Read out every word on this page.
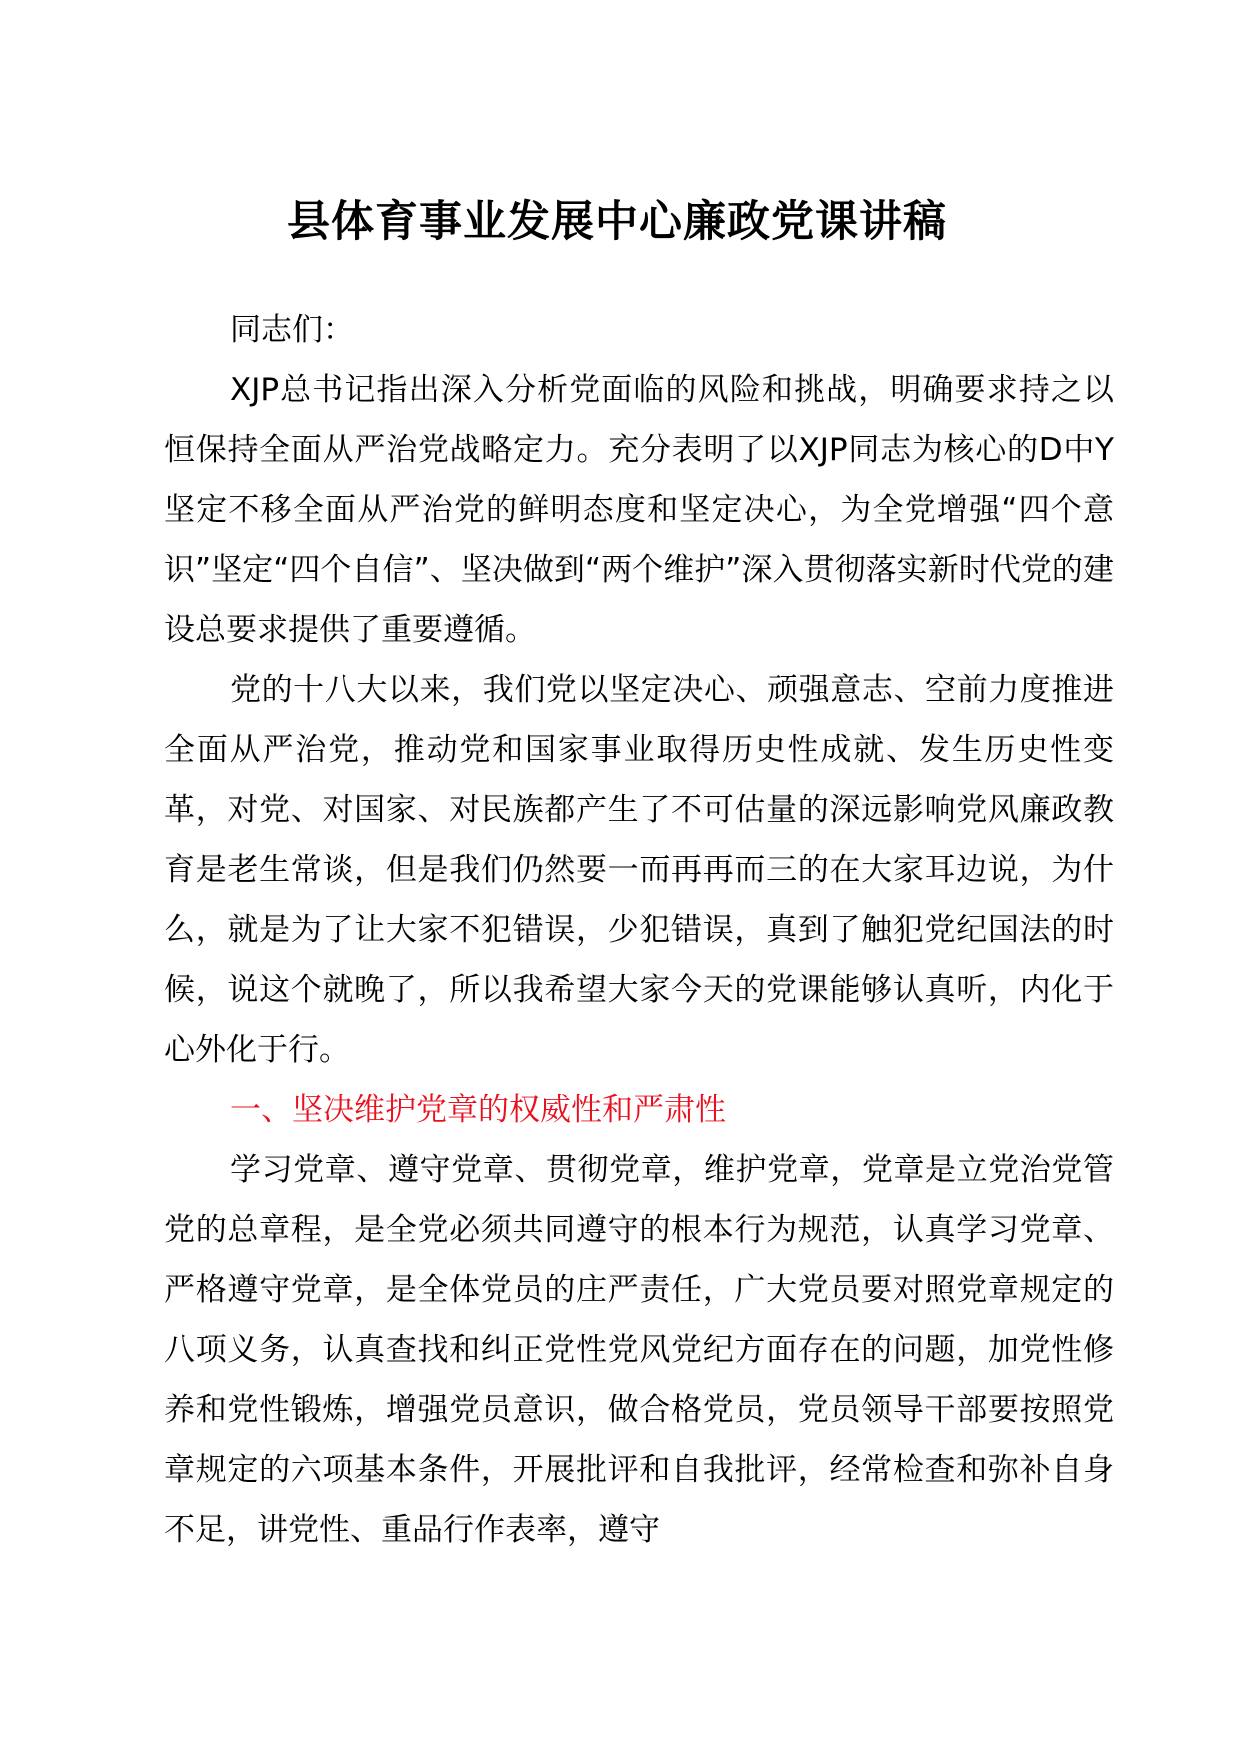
县体育事业发展中心廉政党课讲稿

同志们：

XJP总书记指出深入分析党面临的风险和挑战，明确要求持之以恒保持全面从严治党战略定力。充分表明了以XJP同志为核心的D中Y坚定不移全面从严治党的鲜明态度和坚定决心，为全党增强“四个意识”坚定“四个自信”、坚决做到“两个维护”深入贯彻落实新时代党的建设总要求提供了重要遵循。

党的十八大以来，我们党以坚定决心、顽强意志、空前力度推进全面从严治党，推动党和国家事业取得历史性成就、发生历史性变革，对党、对国家、对民族都产生了不可估量的深远影响党风廉政教育是老生常谈，但是我们仍然要一而再再而三的在大家耳边说，为什么，就是为了让大家不犯错误，少犯错误，真到了触犯党纪国法的时候，说这个就晚了，所以我希望大家今天的党课能够认真听，内化于心外化于行。

一、坚决维护党章的权威性和严肃性

学习党章、遵守党章、贯彻党章，维护党章，党章是立党治党管党的总章程，是全党必须共同遵守的根本行为规范，认真学习党章、严格遵守党章，是全体党员的庄严责任，广大党员要对照党章规定的八项义务，认真查找和纠正党性党风党纪方面存在的问题，加党性修养和党性锻炼，增强党员意识，做合格党员，党员领导干部要按照党章规定的六项基本条件，开展批评和自我批评，经常检查和弥补自身不足，讲党性、重品行作表率，遵守
